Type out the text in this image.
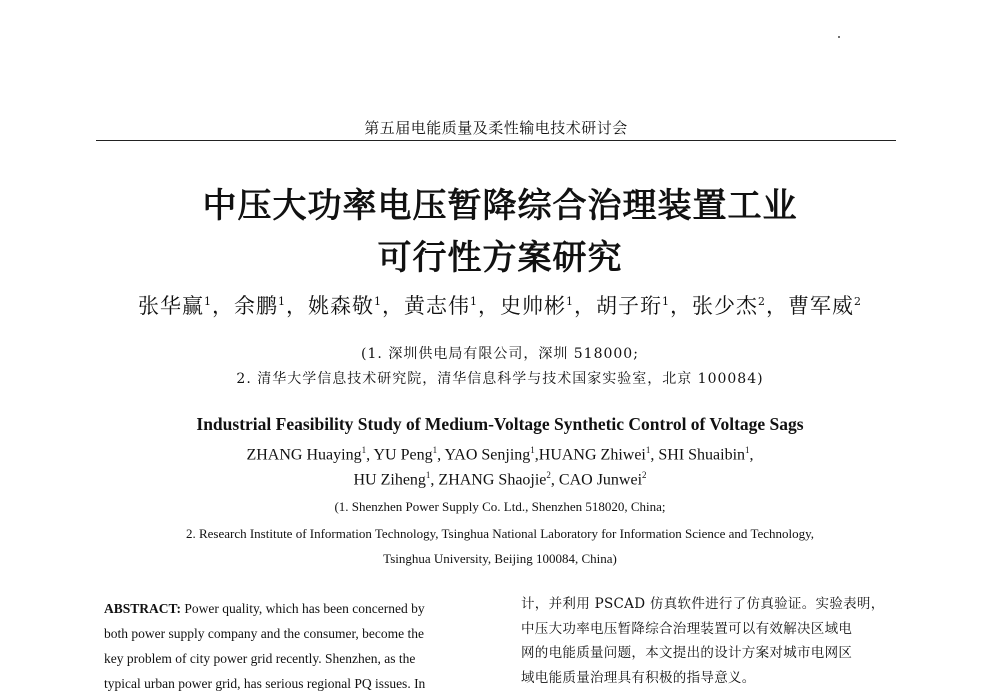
第五届电能质量及柔性输电技术研讨会
中压大功率电压暂降综合治理装置工业
可行性方案研究
张华赢$^1$，余鹏$^1$，姚森敬$^1$，黄志伟$^1$，史帅彬$^1$，胡子珩$^1$，张少杰$^2$，曹军威$^2$
(1. 深圳供电局有限公司，深圳 518000;
2. 清华大学信息技术研究院，清华信息科学与技术国家实验室，北京 100084)
Industrial Feasibility Study of Medium-Voltage Synthetic Control of Voltage Sags
ZHANG Huaying$^1$, YU Peng$^1$, YAO Senjing$^1$,HUANG Zhiwei$^1$, SHI Shuaibin$^1$,
HU Ziheng$^1$, ZHANG Shaojie$^2$, CAO Junwei$^2$
(1. Shenzhen Power Supply Co. Ltd., Shenzhen 518020, China;
2. Research Institute of Information Technology, Tsinghua National Laboratory for Information Science and Technology,
Tsinghua University, Beijing 100084, China)
ABSTRACT: Power quality, which has been concerned by
both power supply company and the consumer, become the
key problem of city power grid recently. Shenzhen, as the
typical urban power grid, has serious regional PQ issues. In
计，并利用 PSCAD 仿真软件进行了仿真验证。实验表明，
中压大功率电压暂降综合治理装置可以有效解决区域电
网的电能质量问题，本文提出的设计方案对城市电网区
域电能质量治理具有积极的指导意义。
